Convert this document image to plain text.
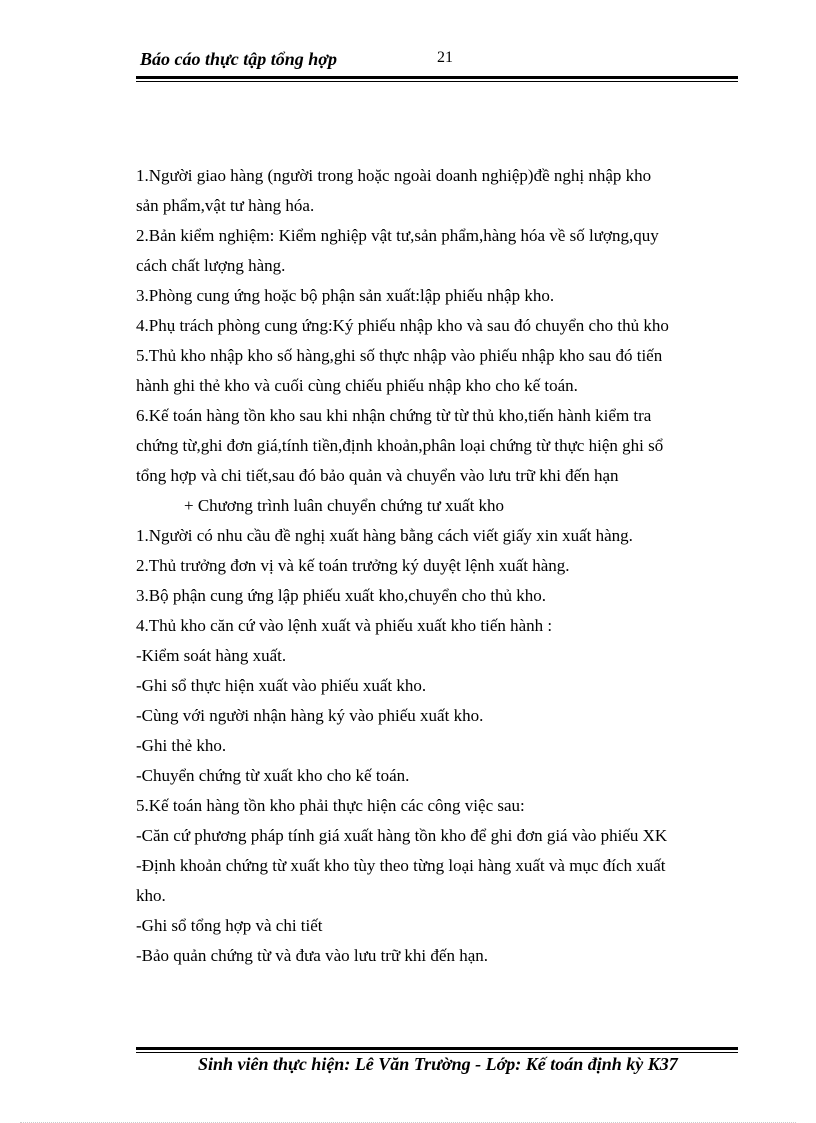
Báo cáo thực tập tổng hợp	21

1.Người giao hàng (người trong hoặc ngoài doanh nghiệp)đề nghị nhập kho

sản phẩm,vật tư hàng hóa.

2.Bản kiểm nghiệm: Kiểm nghiệp vật tư,sản phẩm,hàng hóa về số lượng,quy

cách chất lượng hàng.

3.Phòng cung ứng hoặc bộ phận sản xuất:lập phiếu nhập kho.

4.Phụ trách phòng cung ứng:Ký phiếu nhập kho và sau đó chuyển cho thủ kho

5.Thủ kho nhập kho số hàng,ghi số thực nhập vào phiếu nhập kho sau đó tiến

hành ghi thẻ kho và cuối cùng chiếu phiếu nhập kho cho kế toán.

6.Kế toán hàng tồn kho sau khi nhận chứng từ từ thủ kho,tiến hành kiểm tra

chứng từ,ghi đơn giá,tính tiền,định khoản,phân loại chứng từ thực hiện ghi sổ

tổng hợp và chi tiết,sau đó bảo quản và chuyển vào lưu trữ khi đến hạn

+ Chương trình luân chuyển chứng tư xuất kho

1.Người có nhu cầu đề nghị xuất hàng bằng cách viết giấy xin xuất hàng.

2.Thủ trưởng đơn vị và kế toán trưởng ký duyệt lệnh xuất hàng.

3.Bộ phận cung ứng lập phiếu xuất kho,chuyển cho thủ kho.

4.Thủ kho căn cứ vào lệnh xuất và phiếu xuất kho tiến hành :

-Kiểm soát hàng xuất.

-Ghi sổ thực hiện xuất vào phiếu xuất kho.

-Cùng với người nhận hàng ký vào phiếu xuất kho.

-Ghi thẻ kho.

-Chuyển chứng từ xuất kho cho kế toán.

5.Kế toán hàng tồn kho phải thực hiện các công việc sau:

-Căn cứ phương pháp tính giá xuất hàng tồn kho để ghi đơn giá vào phiếu XK

-Định khoản chứng từ xuất kho tùy theo từng loại hàng xuất và mục đích xuất

kho.

-Ghi sổ tổng hợp và chi tiết

-Bảo quản chứng từ và đưa vào lưu trữ khi đến hạn.

Sinh viên thực hiện: Lê Văn Trường - Lớp: Kế toán định kỳ K37
